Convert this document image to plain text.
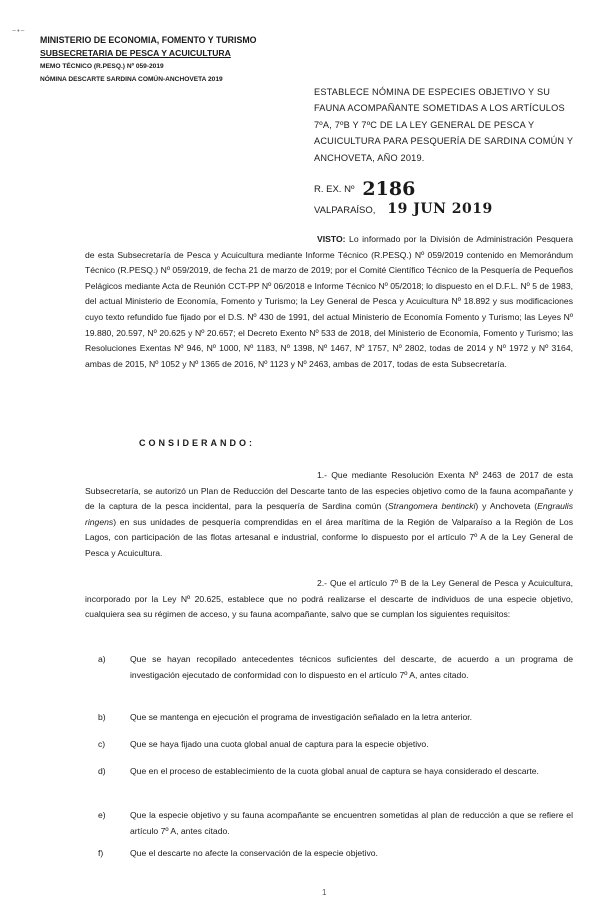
~•~
MINISTERIO DE ECONOMIA, FOMENTO Y TURISMO
SUBSECRETARIA DE PESCA Y ACUICULTURA
MEMO TÉCNICO (R.PESQ.) Nº 059-2019
NÓMINA DESCARTE SARDINA COMÚN-ANCHOVETA 2019
ESTABLECE NÓMINA DE ESPECIES OBJETIVO Y SU FAUNA ACOMPAÑANTE SOMETIDAS A LOS ARTÍCULOS 7ºA, 7ºB Y 7ºC DE LA LEY GENERAL DE PESCA Y ACUICULTURA PARA PESQUERÍA DE SARDINA COMÚN Y ANCHOVETA, AÑO 2019.
R. EX. Nº 2186
VALPARAÍSO, 19 JUN 2019
VISTO: Lo informado por la División de Administración Pesquera de esta Subsecretaría de Pesca y Acuicultura mediante Informe Técnico (R.PESQ.) Nº 059/2019 contenido en Memorándum Técnico (R.PESQ.) Nº 059/2019, de fecha 21 de marzo de 2019; por el Comité Científico Técnico de la Pesquería de Pequeños Pelágicos mediante Acta de Reunión CCT-PP Nº 06/2018 e Informe Técnico Nº 05/2018; lo dispuesto en el D.F.L. Nº 5 de 1983, del actual Ministerio de Economía, Fomento y Turismo; la Ley General de Pesca y Acuicultura Nº 18.892 y sus modificaciones cuyo texto refundido fue fijado por el D.S. Nº 430 de 1991, del actual Ministerio de Economía Fomento y Turismo; las Leyes Nº 19.880, 20.597, Nº 20.625 y Nº 20.657; el Decreto Exento Nº 533 de 2018, del Ministerio de Economía, Fomento y Turismo; las Resoluciones Exentas Nº 946, Nº 1000, Nº 1183, Nº 1398, Nº 1467, Nº 1757, Nº 2802, todas de 2014 y Nº 1972 y Nº 3164, ambas de 2015, Nº 1052 y Nº 1365 de 2016, Nº 1123 y Nº 2463, ambas de 2017, todas de esta Subsecretaría.
CONSIDERANDO:
1.- Que mediante Resolución Exenta Nº 2463 de 2017 de esta Subsecretaría, se autorizó un Plan de Reducción del Descarte tanto de las especies objetivo como de la fauna acompañante y de la captura de la pesca incidental, para la pesquería de Sardina común (Strangomera bentincki) y Anchoveta (Engraulis ringens) en sus unidades de pesquería comprendidas en el área marítima de la Región de Valparaíso a la Región de Los Lagos, con participación de las flotas artesanal e industrial, conforme lo dispuesto por el artículo 7º A de la Ley General de Pesca y Acuicultura.
2.- Que el artículo 7º B de la Ley General de Pesca y Acuicultura, incorporado por la Ley Nº 20.625, establece que no podrá realizarse el descarte de individuos de una especie objetivo, cualquiera sea su régimen de acceso, y su fauna acompañante, salvo que se cumplan los siguientes requisitos:
a)	Que se hayan recopilado antecedentes técnicos suficientes del descarte, de acuerdo a un programa de investigación ejecutado de conformidad con lo dispuesto en el artículo 7º A, antes citado.
b)	Que se mantenga en ejecución el programa de investigación señalado en la letra anterior.
c)	Que se haya fijado una cuota global anual de captura para la especie objetivo.
d)	Que en el proceso de establecimiento de la cuota global anual de captura se haya considerado el descarte.
e)	Que la especie objetivo y su fauna acompañante se encuentren sometidas al plan de reducción a que se refiere el artículo 7º A, antes citado.
f)	Que el descarte no afecte la conservación de la especie objetivo.
1
